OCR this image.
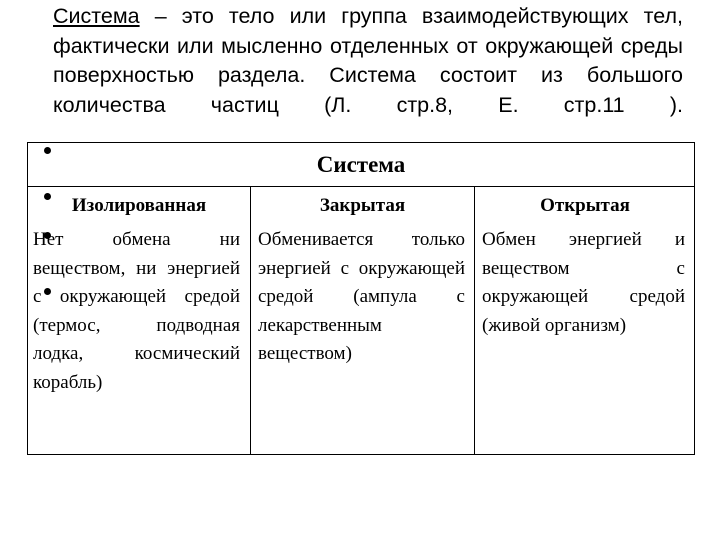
Система – это тело или группа взаимодействующих тел, фактически или мысленно отделенных от окружающей среды поверхностью раздела. Система состоит из большого количества частиц (Л. стр.8, Е. стр.11 ).
Система
Изолированная	Закрытая	Открытая
Нет обмена ни веществом, ни энергией с окружающей средой (термос, подводная лодка, космический корабль)
Обменивается только энергией с окружающей средой (ампула с лекарственным веществом)
Обмен энергией и веществом с окружающей средой (живой организм)
